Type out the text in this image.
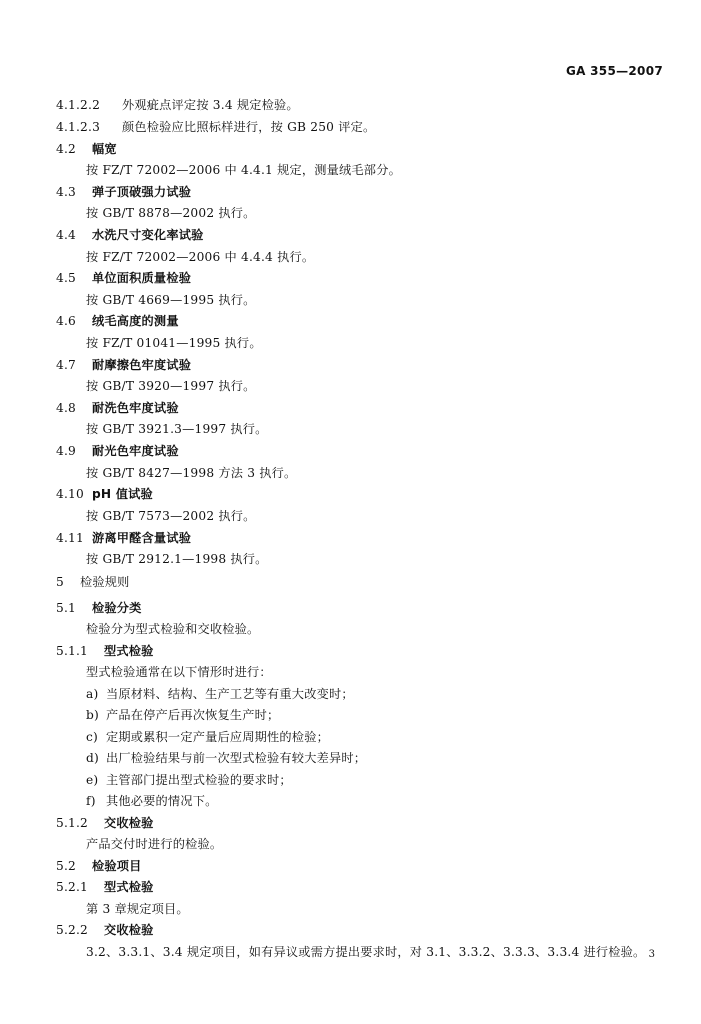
GA 355—2007
4.1.2.2 外观疵点评定按 3.4 规定检验。
4.1.2.3 颜色检验应比照标样进行，按 GB 250 评定。
4.2 幅宽
按 FZ/T 72002—2006 中 4.4.1 规定，测量绒毛部分。
4.3 弹子顶破强力试验
按 GB/T 8878—2002 执行。
4.4 水洗尺寸变化率试验
按 FZ/T 72002—2006 中 4.4.4 执行。
4.5 单位面积质量检验
按 GB/T 4669—1995 执行。
4.6 绒毛高度的测量
按 FZ/T 01041—1995 执行。
4.7 耐摩擦色牢度试验
按 GB/T 3920—1997 执行。
4.8 耐洗色牢度试验
按 GB/T 3921.3—1997 执行。
4.9 耐光色牢度试验
按 GB/T 8427—1998 方法 3 执行。
4.10 pH 值试验
按 GB/T 7573—2002 执行。
4.11 游离甲醛含量试验
按 GB/T 2912.1—1998 执行。
5 检验规则
5.1 检验分类
检验分为型式检验和交收检验。
5.1.1 型式检验
型式检验通常在以下情形时进行：
a) 当原材料、结构、生产工艺等有重大改变时；
b) 产品在停产后再次恢复生产时；
c) 定期或累积一定产量后应周期性的检验；
d) 出厂检验结果与前一次型式检验有较大差异时；
e) 主管部门提出型式检验的要求时；
f) 其他必要的情况下。
5.1.2 交收检验
产品交付时进行的检验。
5.2 检验项目
5.2.1 型式检验
第 3 章规定项目。
5.2.2 交收检验
3.2、3.3.1、3.4 规定项目，如有异议或需方提出要求时，对 3.1、3.3.2、3.3.3、3.3.4 进行检验。 3
